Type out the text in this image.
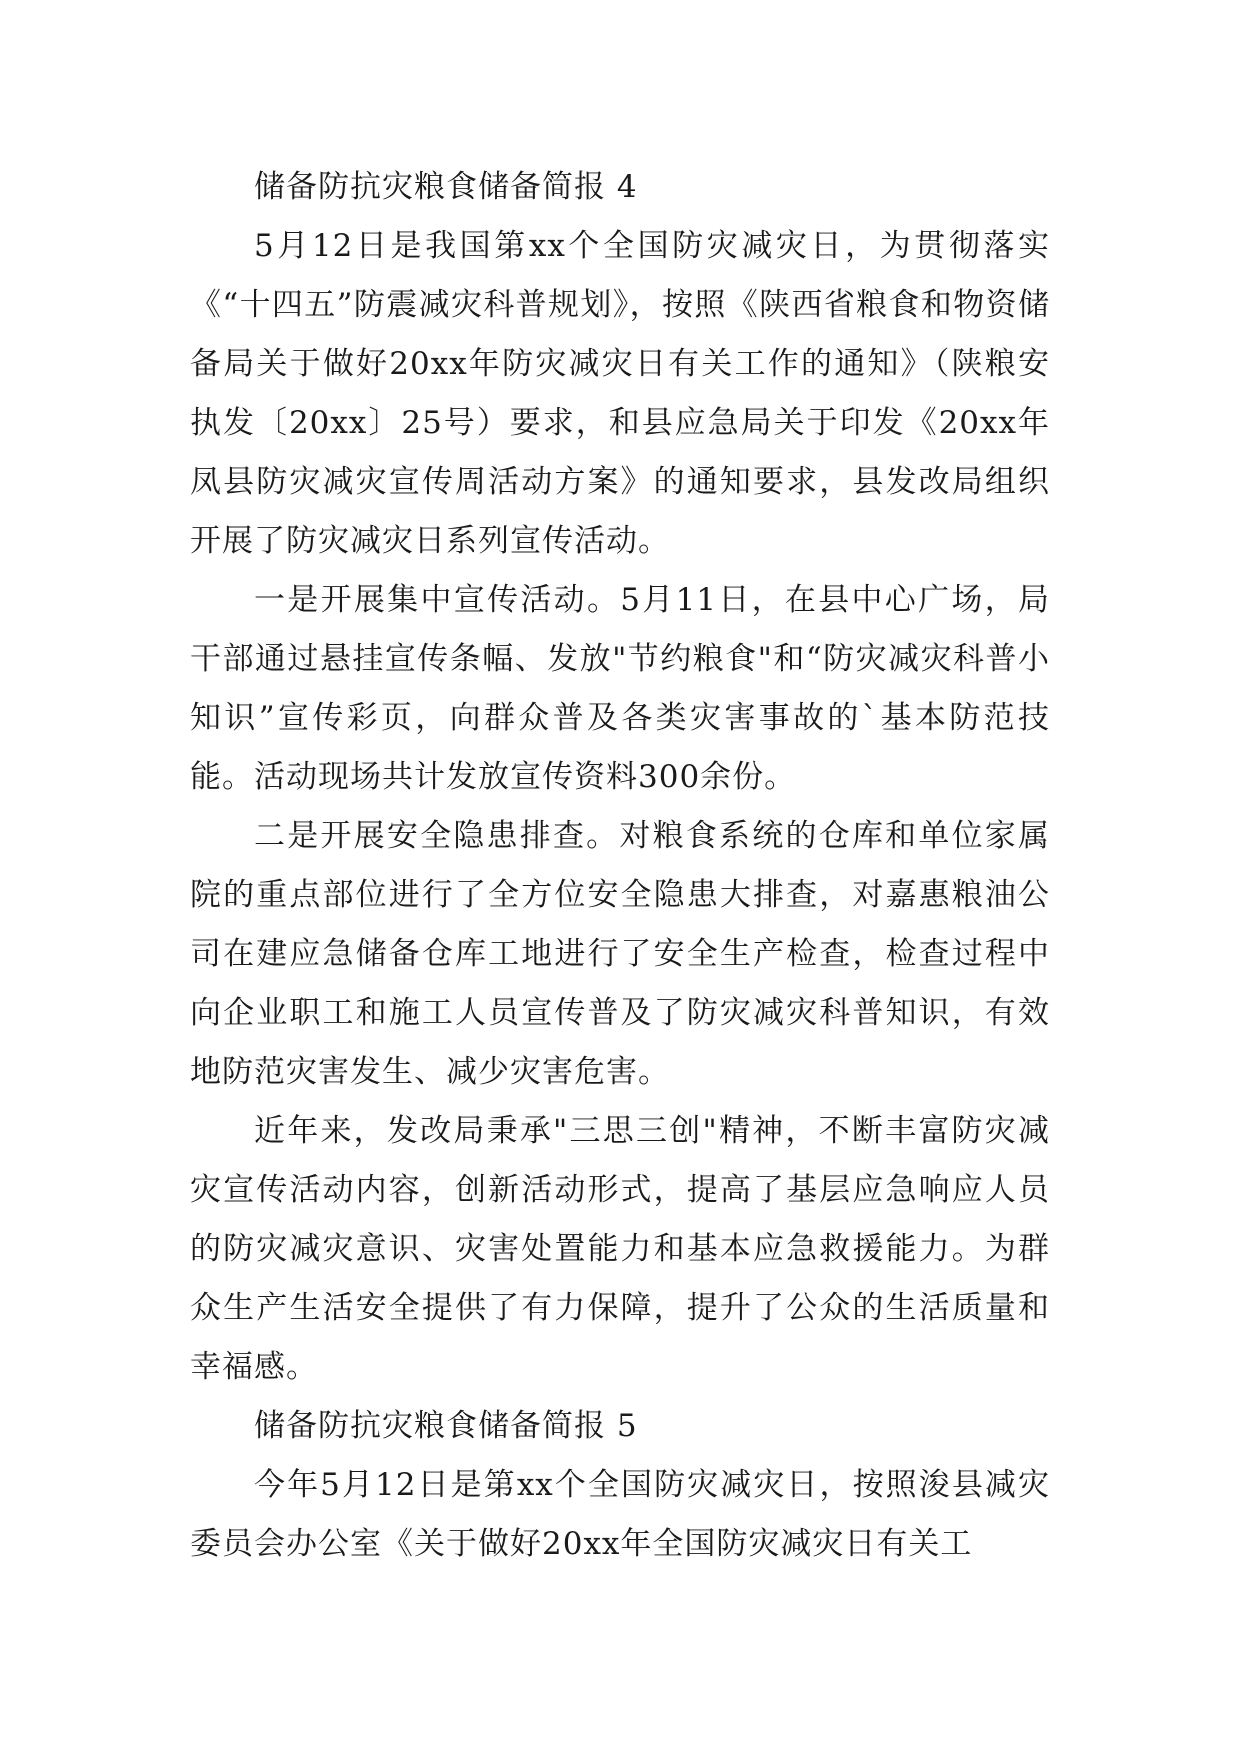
储备防抗灾粮食储备简报 4

5月12日是我国第xx个全国防灾减灾日，为贯彻落实《“十四五”防震减灾科普规划》，按照《陕西省粮食和物资储备局关于做好20xx年防灾减灾日有关工作的通知》（陕粮安执发〔20xx〕25号）要求，和县应急局关于印发《20xx年凤县防灾减灾宣传周活动方案》的通知要求，县发改局组织开展了防灾减灾日系列宣传活动。

一是开展集中宣传活动。5月11日，在县中心广场，局干部通过悬挂宣传条幅、发放"节约粮食"和“防灾减灾科普小知识”宣传彩页，向群众普及各类灾害事故的`基本防范技能。活动现场共计发放宣传资料300余份。

二是开展安全隐患排查。对粮食系统的仓库和单位家属院的重点部位进行了全方位安全隐患大排查，对嘉惠粮油公司在建应急储备仓库工地进行了安全生产检查，检查过程中向企业职工和施工人员宣传普及了防灾减灾科普知识，有效地防范灾害发生、减少灾害危害。

近年来，发改局秉承"三思三创"精神，不断丰富防灾减灾宣传活动内容，创新活动形式，提高了基层应急响应人员的防灾减灾意识、灾害处置能力和基本应急救援能力。为群众生产生活安全提供了有力保障，提升了公众的生活质量和幸福感。

储备防抗灾粮食储备简报 5

今年5月12日是第xx个全国防灾减灾日，按照浚县减灾委员会办公室《关于做好20xx年全国防灾减灾日有关工
